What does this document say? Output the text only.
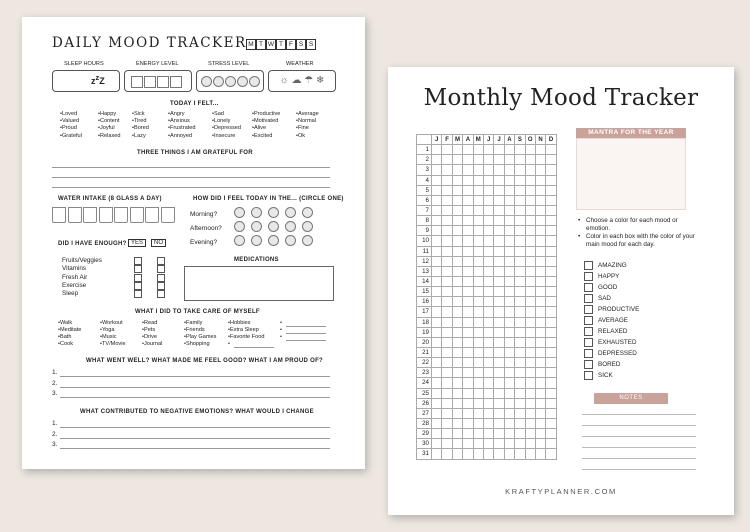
DAILY MOOD TRACKER M T W T F S S
SLEEP HOURS	ENERGY LEVEL	STRESS LEVEL	WEATHER
$z^zZ$	☼ ☁ ☂ ❄
TODAY I FELT...
•Loved
•Valued
•Proud
•Grateful
•Happy
•Content
•Joyful
•Relaxed
•Sick
•Tired
•Bored
•Lazy
•Angry
•Anxious
•Frustrated
•Annoyed
•Sad
•Lonely
•Depressed
•Insecure
•Productive
•Motivated
•Alive
•Excited
•Average
•Normal
•Fine
•Ok
THREE THINGS I AM GRATEFUL FOR
WATER INTAKE (8 GLASS A DAY)	HOW DID I FEEL TODAY IN THE... (CIRCLE ONE)
Morning?
Afternoon?
Evening?
DID I HAVE ENOUGH? YES	NO
Fruits/Veggies
Vitamins
Fresh Air
Exercise
Sleep
MEDICATIONS
WHAT I DID TO TAKE CARE OF MYSELF
•Walk
•Meditate
•Bath
•Cook
•Workout
•Yoga
•Music
•TV/Movie
•Read
•Pets
•Drive
•Journal
•Family
•Friends
•Play Games
•Shopping
•Hobbies
•Extra Sleep
•Favorite Food
•
•
•
•
WHAT WENT WELL? WHAT MADE ME FEEL GOOD? WHAT I AM PROUD OF?
1.
2.
3.
WHAT CONTRIBUTED TO NEGATIVE EMOTIONS? WHAT WOULD I CHANGE
1.
2.
3.
Monthly Mood Tracker
	J	F	M	A	M	J	J	A	S	O	N	D
1												
2												
3												
4												
5												
6												
7												
8												
9												
10												
11												
12												
13												
14												
15												
16												
17												
18												
19												
20												
21												
22												
23												
24												
25												
26												
27												
28												
29												
30												
31												
MANTRA FOR THE YEAR
• Choose a color for each mood or emotion.
• Color in each box with the color of your main mood for each day.
AMAZING
HAPPY
GOOD
SAD
PRODUCTIVE
AVERAGE
RELAXED
EXHAUSTED
DEPRESSED
BORED
SICK
NOTES
KRAFTYPLANNER.COM
